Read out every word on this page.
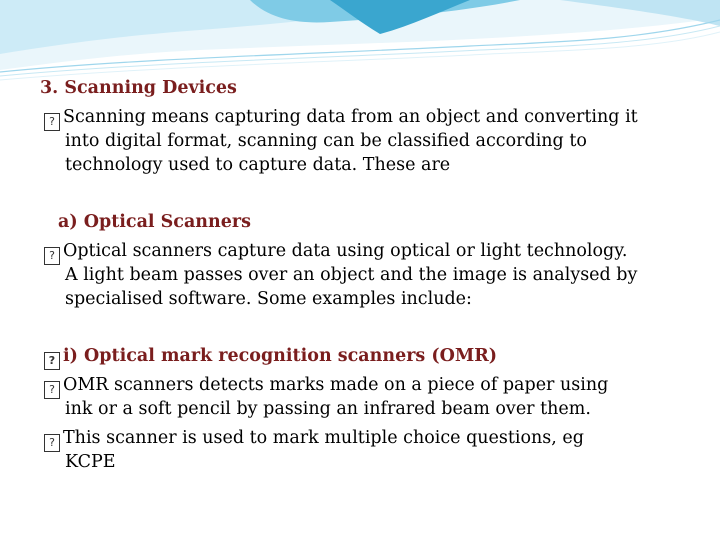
3. Scanning Devices
? Scanning means capturing data from an object and converting it
into digital format, scanning can be classified according to
technology used to capture data. These are
a) Optical Scanners
? Optical scanners capture data using optical or light technology.
A light beam passes over an object and the image is analysed by
specialised software. Some examples include:
? i) Optical mark recognition scanners (OMR)
? OMR scanners detects marks made on a piece of paper using
ink or a soft pencil by passing an infrared beam over them.
? This scanner is used to mark multiple choice questions, eg
KCPE
